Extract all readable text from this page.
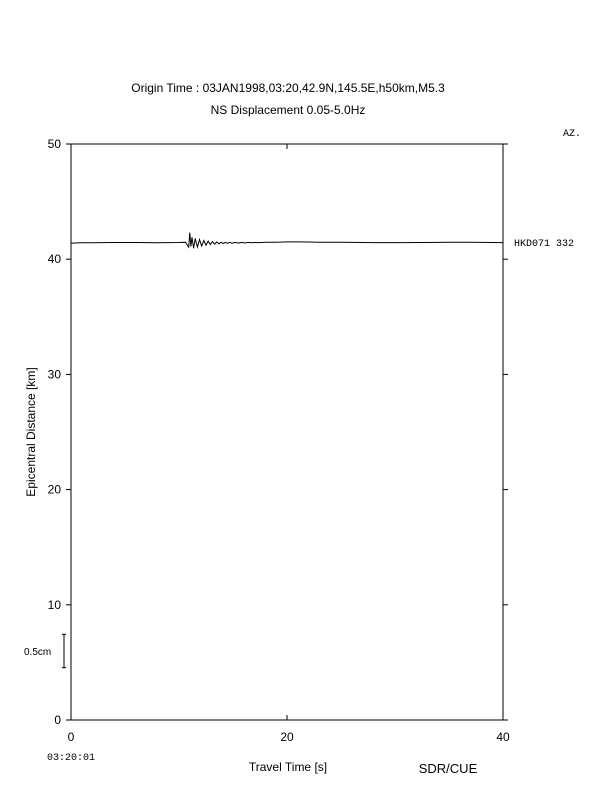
Origin Time : 03JAN1998,03:20,42.9N,145.5E,h50km,M5.3
NS Displacement 0.05-5.0Hz
AZ.
0	20	40
0
10
20
30
40
50
03:20:01
Travel Time [s]	SDR/CUE
Epicentral Distance [km]
0.5cm
HKD071 332
